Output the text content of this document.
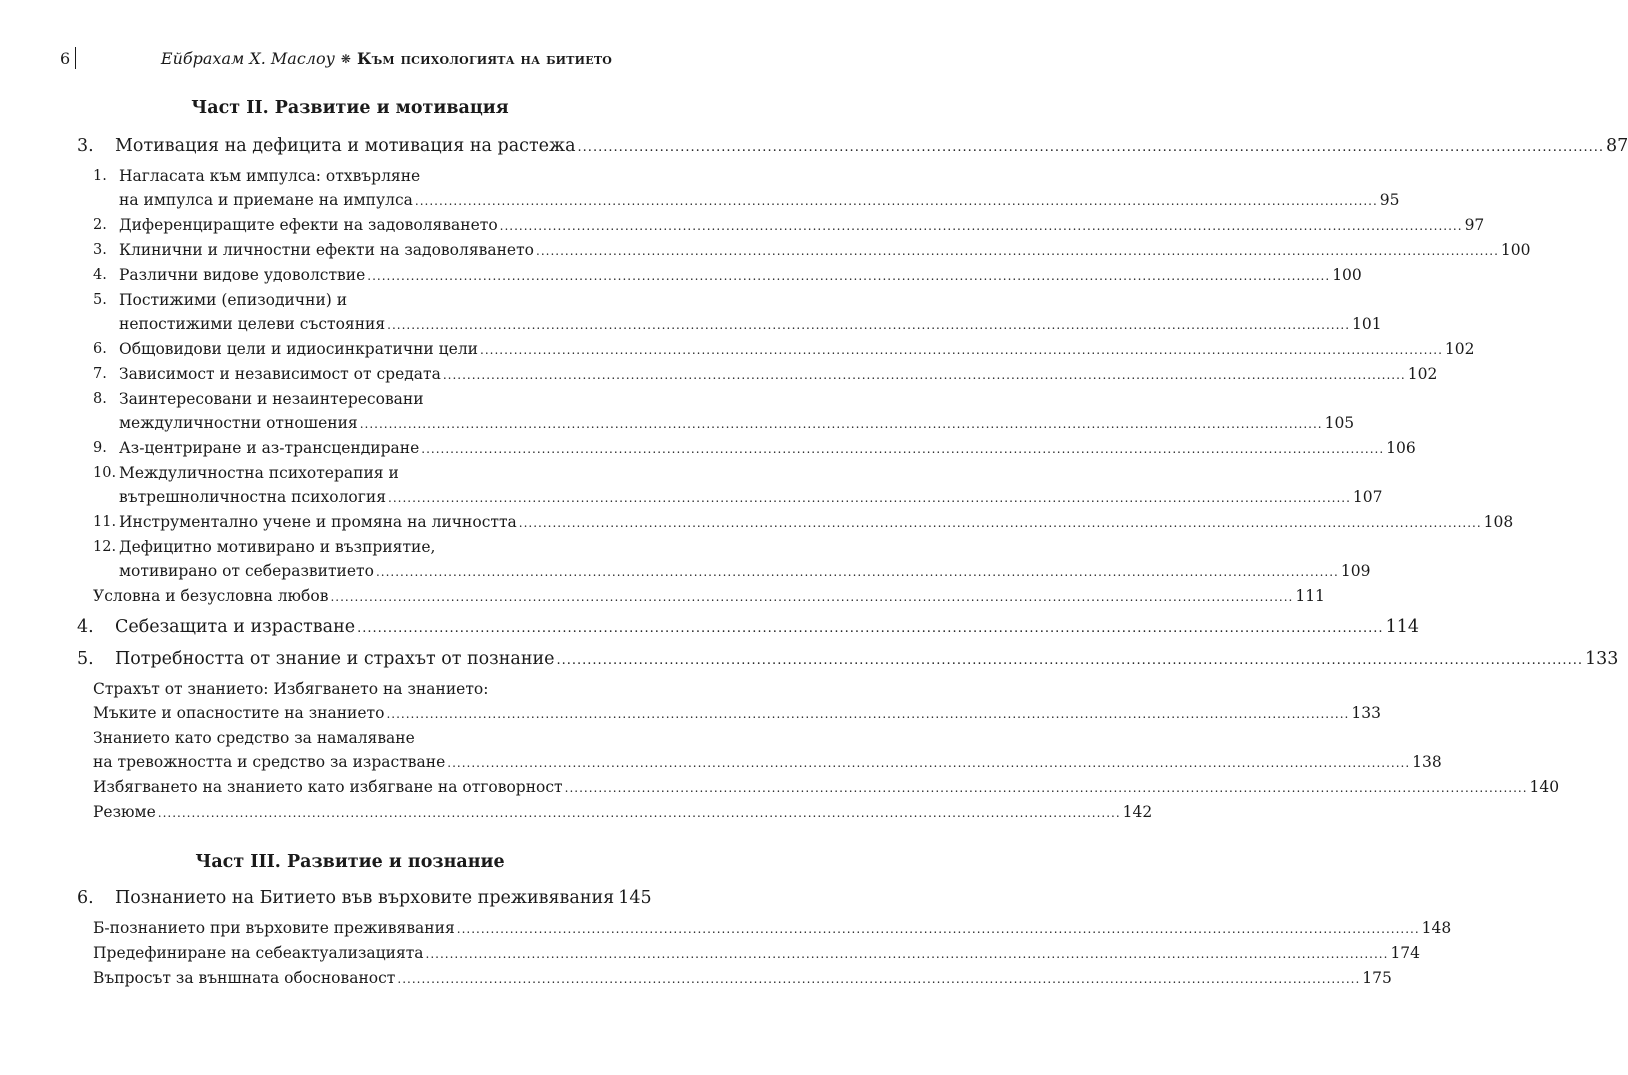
6	Ейбрахам Х. Маслоу ❋ Към психологията на битието
Част II. Развитие и мотивация
3.	Мотивация на дефицита и мотивация на растежа ........................................................................................................................................................................................................ 87
1. Нагласата към импулса: отхвърляне
на импулса и приемане на импулса ........................................................................................................................................................................................................ 95
2. Диференциращите ефекти на задоволяването ........................................................................................................................................................................................................ 97
3. Клинични и личностни ефекти на задоволяването ........................................................................................................................................................................................................ 100
4. Различни видове удоволствие ........................................................................................................................................................................................................ 100
5. Постижими (епизодични) и
непостижими целеви състояния ........................................................................................................................................................................................................ 101
6. Общовидови цели и идиосинкратични цели ........................................................................................................................................................................................................ 102
7. Зависимост и независимост от средата ........................................................................................................................................................................................................ 102
8. Заинтересовани и незаинтересовани
междуличностни отношения ........................................................................................................................................................................................................ 105
9. Аз-центриране и аз-трансцендиране ........................................................................................................................................................................................................ 106
10. Междуличностна психотерапия и
вътрешноличностна психология ........................................................................................................................................................................................................ 107
11. Инструментално учене и промяна на личността ........................................................................................................................................................................................................ 108
12. Дефицитно мотивирано и възприятие,
мотивирано от себеразвитието ........................................................................................................................................................................................................ 109
Условна и безусловна любов ........................................................................................................................................................................................................ 111
4.	Себезащита и израстване ........................................................................................................................................................................................................ 114
5.	Потребността от знание и страхът от познание ........................................................................................................................................................................................................ 133
Страхът от знанието: Избягването на знанието:
Мъките и опасностите на знанието ........................................................................................................................................................................................................ 133
Знанието като средство за намаляване
на тревожността и средство за израстване ........................................................................................................................................................................................................ 138
Избягването на знанието като избягване на отговорност ........................................................................................................................................................................................................ 140
Резюме ........................................................................................................................................................................................................ 142
Част III. Развитие и познание
6.	Познанието на Битието във върховите преживявания 145
Б-познанието при върховите преживявания ........................................................................................................................................................................................................ 148
Предефиниране на себеактуализацията ........................................................................................................................................................................................................ 174
Въпросът за външната обоснованост ........................................................................................................................................................................................................ 175
